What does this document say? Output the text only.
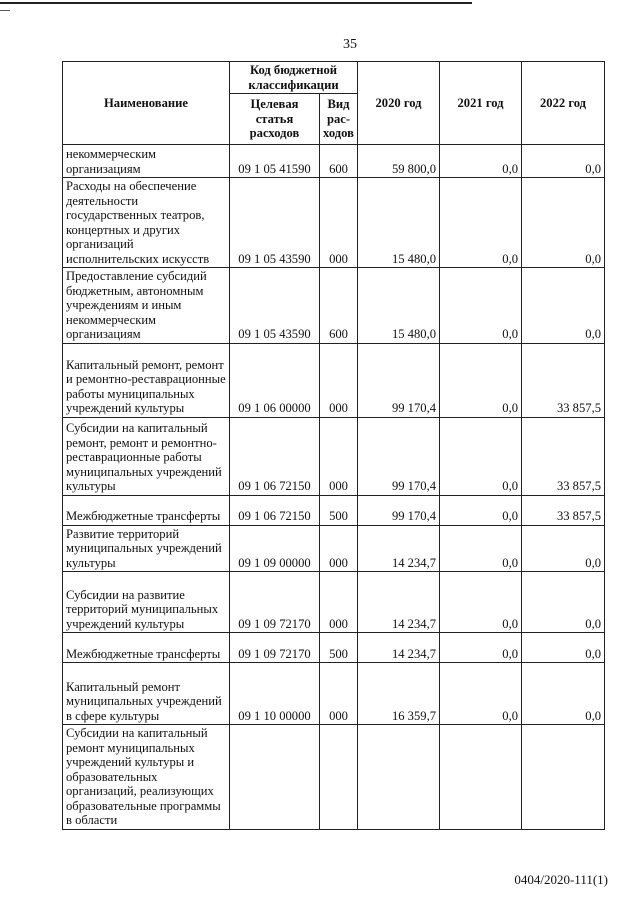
35
Наименование	Код бюджетной классификации		2020 год	2021 год	2022 год
	Целевая статья расходов	Вид рас-ходов			
некоммерческим организациям	09 1 05 41590	600	59 800,0	0,0	0,0
Расходы на обеспечение деятельности государственных театров, концертных и других организаций исполнительских искусств	09 1 05 43590	000	15 480,0	0,0	0,0
Предоставление субсидий бюджетным, автономным учреждениям и иным некоммерческим организациям	09 1 05 43590	600	15 480,0	0,0	0,0
Капитальный ремонт, ремонт и ремонтно-реставрационные работы муниципальных учреждений культуры	09 1 06 00000	000	99 170,4	0,0	33 857,5
Субсидии на капитальный ремонт, ремонт и ремонтно-реставрационные работы муниципальных учреждений культуры	09 1 06 72150	000	99 170,4	0,0	33 857,5
Межбюджетные трансферты	09 1 06 72150	500	99 170,4	0,0	33 857,5
Развитие территорий муниципальных учреждений культуры	09 1 09 00000	000	14 234,7	0,0	0,0
Субсидии на развитие территорий муниципальных учреждений культуры	09 1 09 72170	000	14 234,7	0,0	0,0
Межбюджетные трансферты	09 1 09 72170	500	14 234,7	0,0	0,0
Капитальный ремонт муниципальных учреждений в сфере культуры	09 1 10 00000	000	16 359,7	0,0	0,0
Субсидии на капитальный ремонт муниципальных учреждений культуры и образовательных организаций, реализующих образовательные программы в области					
0404/2020-111(1)
